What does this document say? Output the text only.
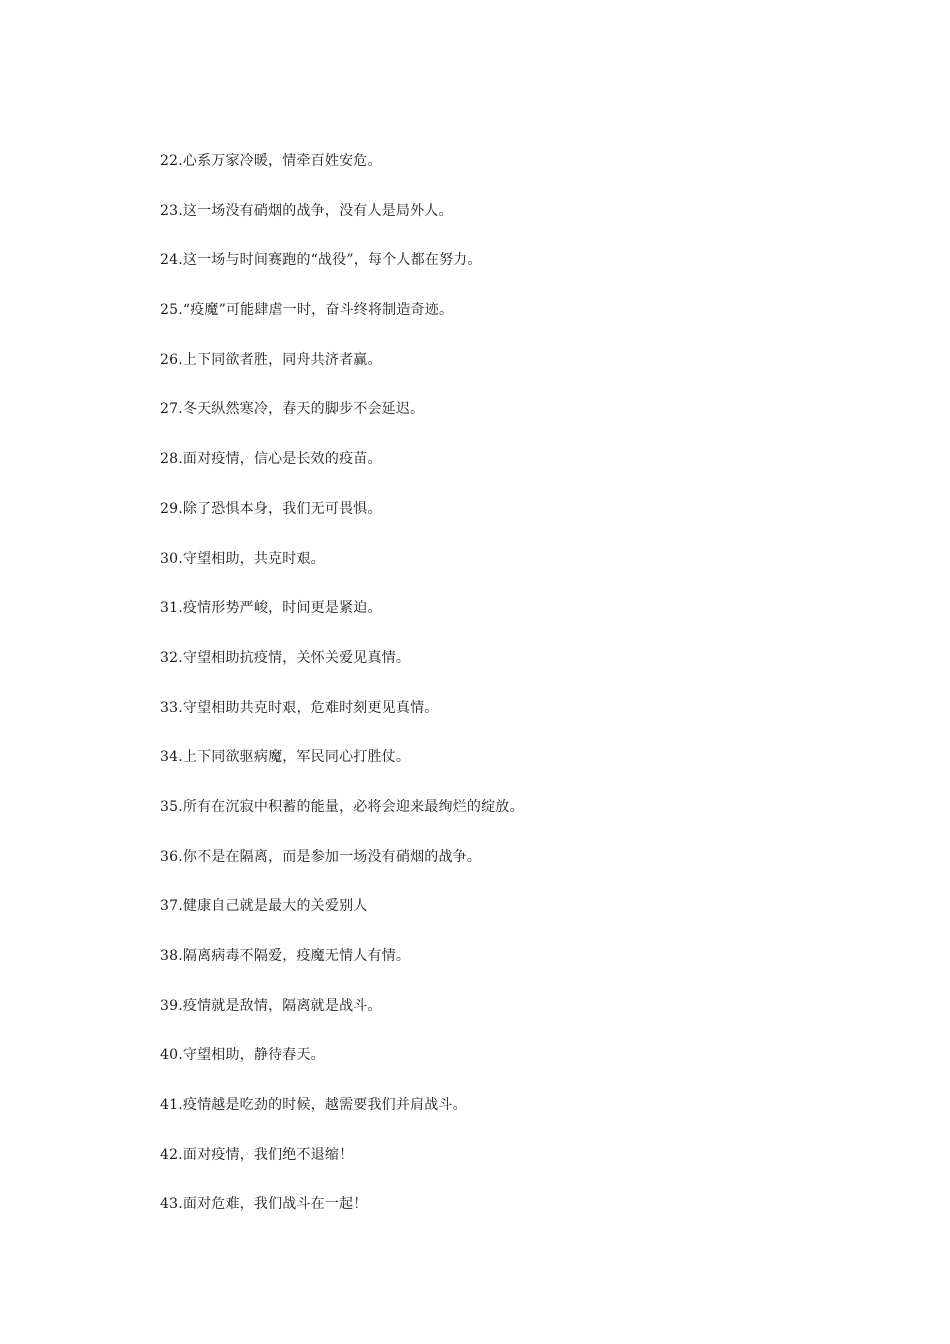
22.心系万家冷暖，情牵百姓安危。
23.这一场没有硝烟的战争，没有人是局外人。
24.这一场与时间赛跑的“战役”，每个人都在努力。
25.“疫魔”可能肆虐一时，奋斗终将制造奇迹。
26.上下同欲者胜，同舟共济者赢。
27.冬天纵然寒冷，春天的脚步不会延迟。
28.面对疫情，信心是长效的疫苗。
29.除了恐惧本身，我们无可畏惧。
30.守望相助，共克时艰。
31.疫情形势严峻，时间更是紧迫。
32.守望相助抗疫情，关怀关爱见真情。
33.守望相助共克时艰，危难时刻更见真情。
34.上下同欲驱病魔，军民同心打胜仗。
35.所有在沉寂中积蓄的能量，必将会迎来最绚烂的绽放。
36.你不是在隔离，而是参加一场没有硝烟的战争。
37.健康自己就是最大的关爱别人
38.隔离病毒不隔爱，疫魔无情人有情。
39.疫情就是敌情，隔离就是战斗。
40.守望相助，静待春天。
41.疫情越是吃劲的时候，越需要我们并肩战斗。
42.面对疫情，我们绝不退缩！
43.面对危难，我们战斗在一起！
